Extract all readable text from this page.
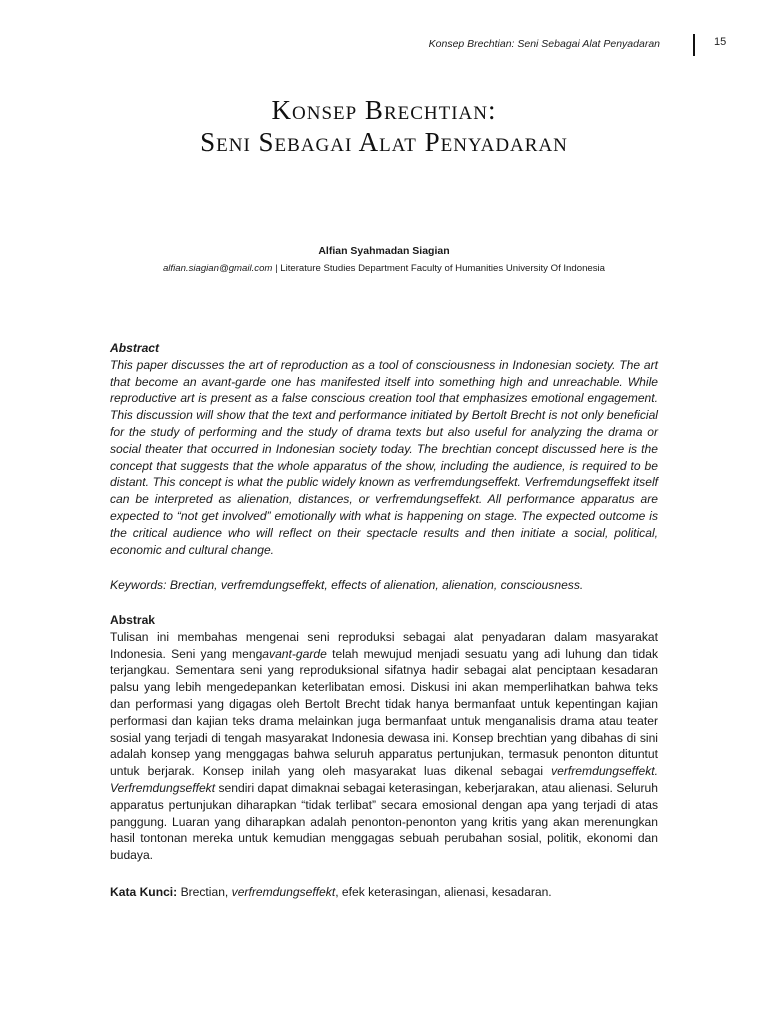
Konsep Brechtian: Seni Sebagai Alat Penyadaran	15
Konsep Brechtian:
Seni Sebagai Alat Penyadaran
Alfian Syahmadan Siagian
alfian.siagian@gmail.com | Literature Studies Department Faculty of Humanities University Of Indonesia
Abstract

This paper discusses the art of reproduction as a tool of consciousness in Indonesian society. The art that become an avant-garde one has manifested itself into something high and unreachable. While reproductive art is present as a false conscious creation tool that emphasizes emotional engagement. This discussion will show that the text and performance initiated by Bertolt Brecht is not only beneficial for the study of performing and the study of drama texts but also useful for analyzing the drama or social theater that occurred in Indonesian society today. The brechtian concept discussed here is the concept that suggests that the whole apparatus of the show, including the audience, is required to be distant. This concept is what the public widely known as verfremdungseffekt. Verfremdungseffekt itself can be interpreted as alienation, distances, or verfremdungseffekt. All performance apparatus are expected to “not get involved” emotionally with what is happening on stage. The expected outcome is the critical audience who will reflect on their spectacle results and then initiate a social, political, economic and cultural change.

Keywords: Brectian, verfremdungseffekt, effects of alienation, alienation, consciousness.
Abstrak

Tulisan ini membahas mengenai seni reproduksi sebagai alat penyadaran dalam masyarakat Indonesia. Seni yang mengavant-garde telah mewujud menjadi sesuatu yang adi luhung dan tidak terjangkau. Sementara seni yang reproduksional sifatnya hadir sebagai alat penciptaan kesadaran palsu yang lebih mengedepankan keterlibatan emosi. Diskusi ini akan memperlihatkan bahwa teks dan performasi yang digagas oleh Bertolt Brecht tidak hanya bermanfaat untuk kepentingan kajian performasi dan kajian teks drama melainkan juga bermanfaat untuk menganalisis drama atau teater sosial yang terjadi di tengah masyarakat Indonesia dewasa ini. Konsep brechtian yang dibahas di sini adalah konsep yang menggagas bahwa seluruh apparatus pertunjukan, termasuk penonton dituntut untuk berjarak. Konsep inilah yang oleh masyarakat luas dikenal sebagai verfremdungseffekt. Verfremdungseffekt sendiri dapat dimaknai sebagai keterasingan, keberjarakan, atau alienasi. Seluruh apparatus pertunjukan diharapkan “tidak terlibat” secara emosional dengan apa yang terjadi di atas panggung. Luaran yang diharapkan adalah penonton-penonton yang kritis yang akan merenungkan hasil tontonan mereka untuk kemudian menggagas sebuah perubahan sosial, politik, ekonomi dan budaya.

Kata Kunci: Brectian, verfremdungseffekt, efek keterasingan, alienasi, kesadaran.
